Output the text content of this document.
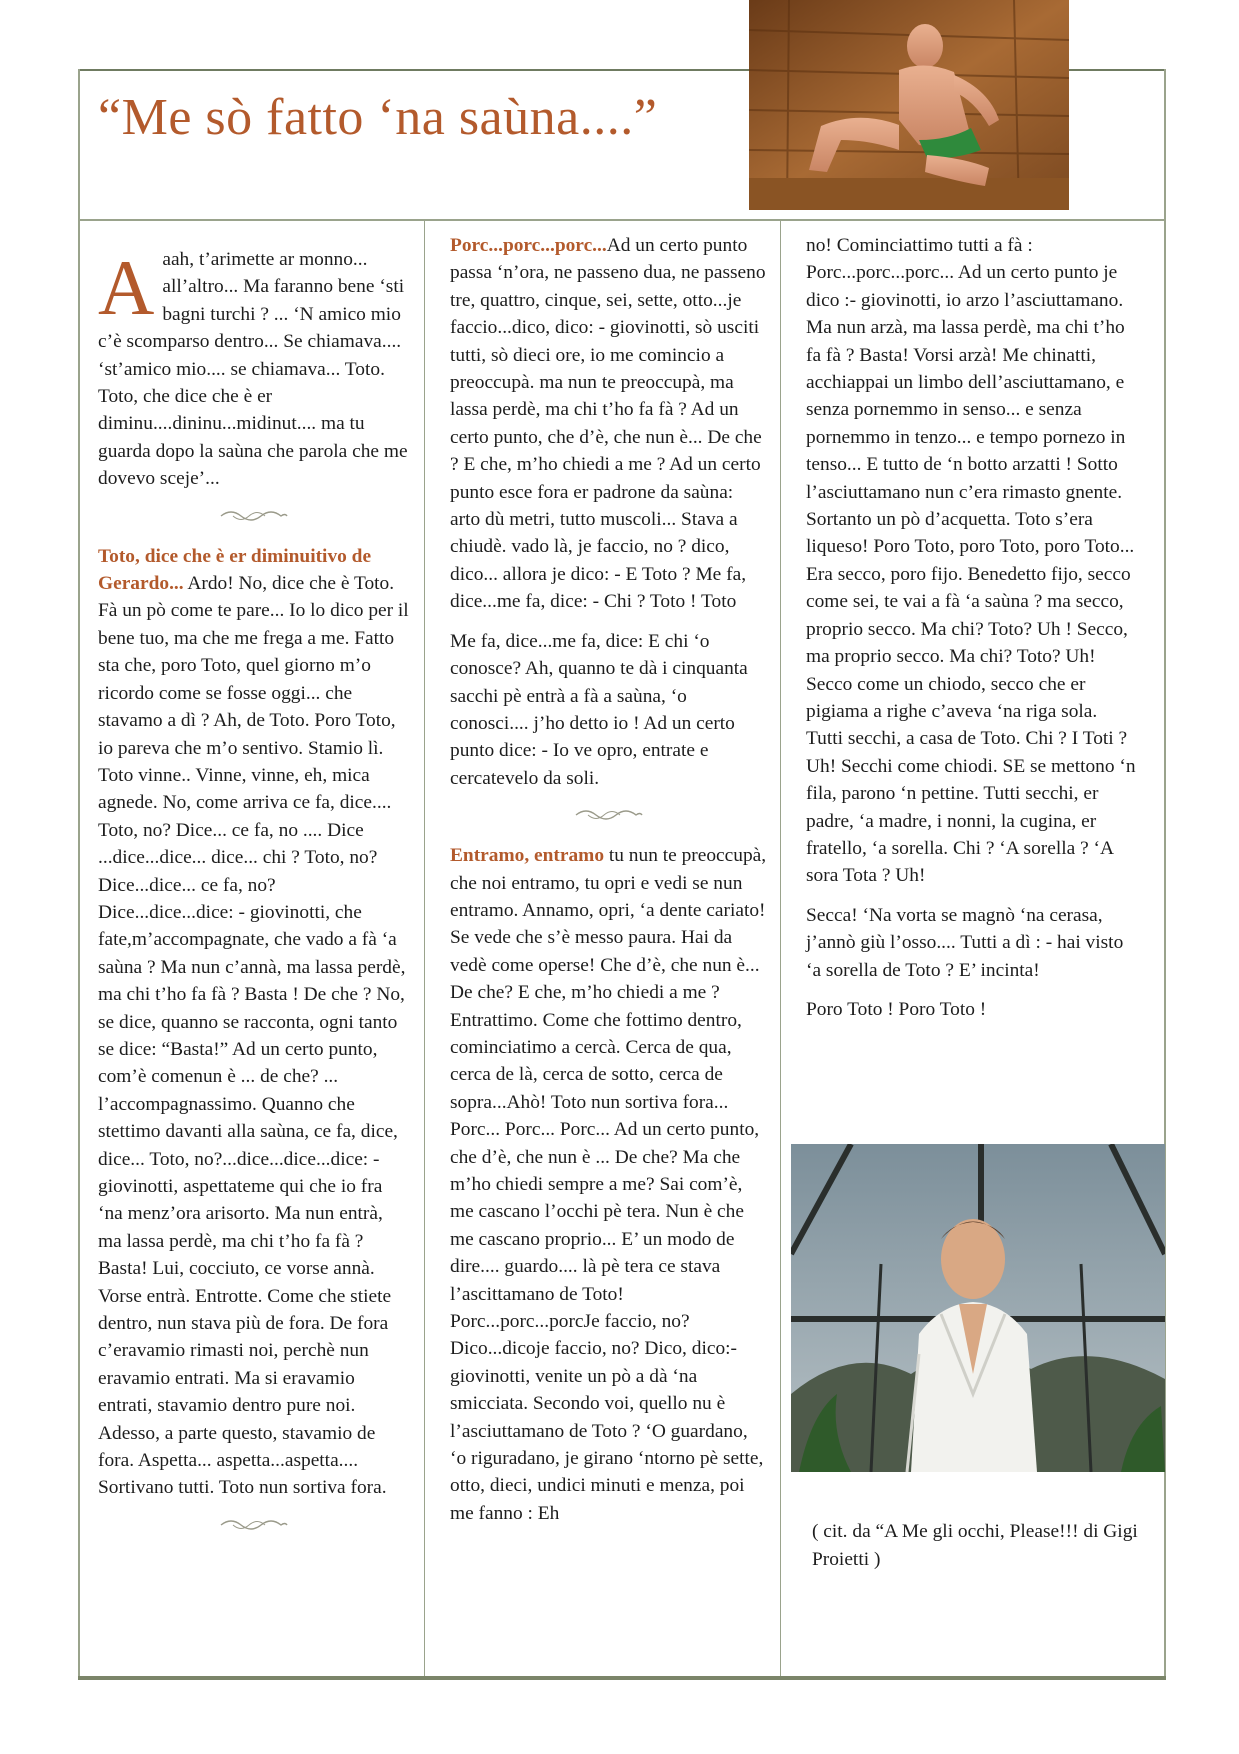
“Me sò fatto ‘na saùna....”

A aah, t’arimette ar monno... all’altro... Ma faranno bene ‘sti bagni turchi ? ... ‘N amico mio c’è scomparso dentro... Se chiamava.... ‘st’amico mio.... se chiamava... Toto. Toto, che dice che è er diminu....dininu...midinut.... ma tu guarda dopo la saùna che parola che me dovevo sceje’...

Toto, dice che è er diminuitivo de Gerardo... Ardo! No, dice che è Toto. Fà un pò come te pare... Io lo dico per il bene tuo, ma che me frega a me. Fatto sta che, poro Toto, quel giorno m’o ricordo come se fosse oggi... che stavamo a dì ? Ah, de Toto. Poro Toto, io pareva che m’o sentivo. Stamio lì. Toto vinne.. Vinne, vinne, eh, mica agnede. No, come arriva ce fa, dice.... Toto, no? Dice... ce fa, no .... Dice ...dice...dice... dice... chi ? Toto, no? Dice...dice... ce fa, no? Dice...dice...dice: - giovinotti, che fate,m’accompagnate, che vado a fà ‘a saùna ? Ma nun c’annà, ma lassa perdè, ma chi t’ho fa fà ? Basta ! De che ? No, se dice, quanno se racconta, ogni tanto se dice: “Basta!” Ad un certo punto, com’è comenun è ... de che? ... l’accompagnassimo. Quanno che stettimo davanti alla saùna, ce fa, dice, dice... Toto, no?...dice...dice...dice: - giovinotti, aspettateme qui che io fra ‘na menz’ora arisorto. Ma nun entrà, ma lassa perdè, ma chi t’ho fa fà ? Basta! Lui, cocciuto, ce vorse annà. Vorse entrà. Entrotte. Come che stiete dentro, nun stava più de fora. De fora c’eravamio rimasti noi, perchè nun eravamio entrati. Ma si eravamio entrati, stavamio dentro pure noi. Adesso, a parte questo, stavamio de fora. Aspetta... aspetta...aspetta.... Sortivano tutti. Toto nun sortiva fora.

Porc...porc...porc...Ad un certo punto passa ‘n’ora, ne passeno dua, ne passeno tre, quattro, cinque, sei, sette, otto...je faccio...dico, dico: - giovinotti, sò usciti tutti, sò dieci ore, io me comincio a preoccupà. ma nun te preoccupà, ma lassa perdè, ma chi t’ho fa fà ? Ad un certo punto, che d’è, che nun è... De che ? E che, m’ho chiedi a me ? Ad un certo punto esce fora er padrone da saùna: arto dù metri, tutto muscoli... Stava a chiudè. vado là, je faccio, no ? dico, dico... allora je dico: - E Toto ? Me fa, dice...me fa, dice: - Chi ? Toto ! Toto

Me fa, dice...me fa, dice: E chi ‘o conosce? Ah, quanno te dà i cinquanta sacchi pè entrà a fà a saùna, ‘o conosci.... j’ho detto io ! Ad un certo punto dice: - Io ve opro, entrate e cercatevelo da soli.

Entramo, entramo tu nun te preoccupà, che noi entramo, tu opri e vedi se nun entramo. Annamo, opri, ‘a dente cariato! Se vede che s’è messo paura. Hai da vedè come operse! Che d’è, che nun è... De che? E che, m’ho chiedi a me ? Entrattimo. Come che fottimo dentro, cominciatimo a cercà. Cerca de qua, cerca de là, cerca de sotto, cerca de sopra...Ahò! Toto nun sortiva fora... Porc... Porc... Porc... Ad un certo punto, che d’è, che nun è ... De che? Ma che m’ho chiedi sempre a me? Sai com’è, me cascano l’occhi pè tera. Nun è che me cascano proprio... E’ un modo de dire.... guardo.... là pè tera ce stava l’ascittamano de Toto! Porc...porc...porcJe faccio, no? Dico...dicoje faccio, no? Dico, dico:- giovinotti, venite un pò a dà ‘na smicciata. Secondo voi, quello nu è l’asciuttamano de Toto ? ‘O guardano, ‘o riguradano, je girano ‘ntorno pè sette, otto, dieci, undici minuti e menza, poi me fanno : Eh

no! Cominciattimo tutti a fà : Porc...porc...porc... Ad un certo punto je dico :- giovinotti, io arzo l’asciuttamano. Ma nun arzà, ma lassa perdè, ma chi t’ho fa fà ? Basta! Vorsi arzà! Me chinatti, acchiappai un limbo dell’asciuttamano, e senza pornemmo in senso... e senza pornemmo in tenzo... e tempo pornezo in tenso... E tutto de ‘n botto arzatti ! Sotto l’asciuttamano nun c’era rimasto gnente. Sortanto un pò d’acquetta. Toto s’era liqueso! Poro Toto, poro Toto, poro Toto... Era secco, poro fijo. Benedetto fijo, secco come sei, te vai a fà ‘a saùna ? ma secco, proprio secco. Ma chi? Toto? Uh ! Secco, ma proprio secco. Ma chi? Toto? Uh! Secco come un chiodo, secco che er pigiama a righe c’aveva ‘na riga sola. Tutti secchi, a casa de Toto. Chi ? I Toti ? Uh! Secchi come chiodi. SE se mettono ‘n fila, parono ‘n pettine. Tutti secchi, er padre, ‘a madre, i nonni, la cugina, er fratello, ‘a sorella. Chi ? ‘A sorella ? ‘A sora Tota ? Uh!

Secca! ‘Na vorta se magnò ‘na cerasa, j’annò giù l’osso.... Tutti a dì : - hai visto ‘a sorella de Toto ? E’ incinta!

Poro Toto ! Poro Toto !

( cit. da “A Me gli occhi, Please!!! di Gigi Proietti )
